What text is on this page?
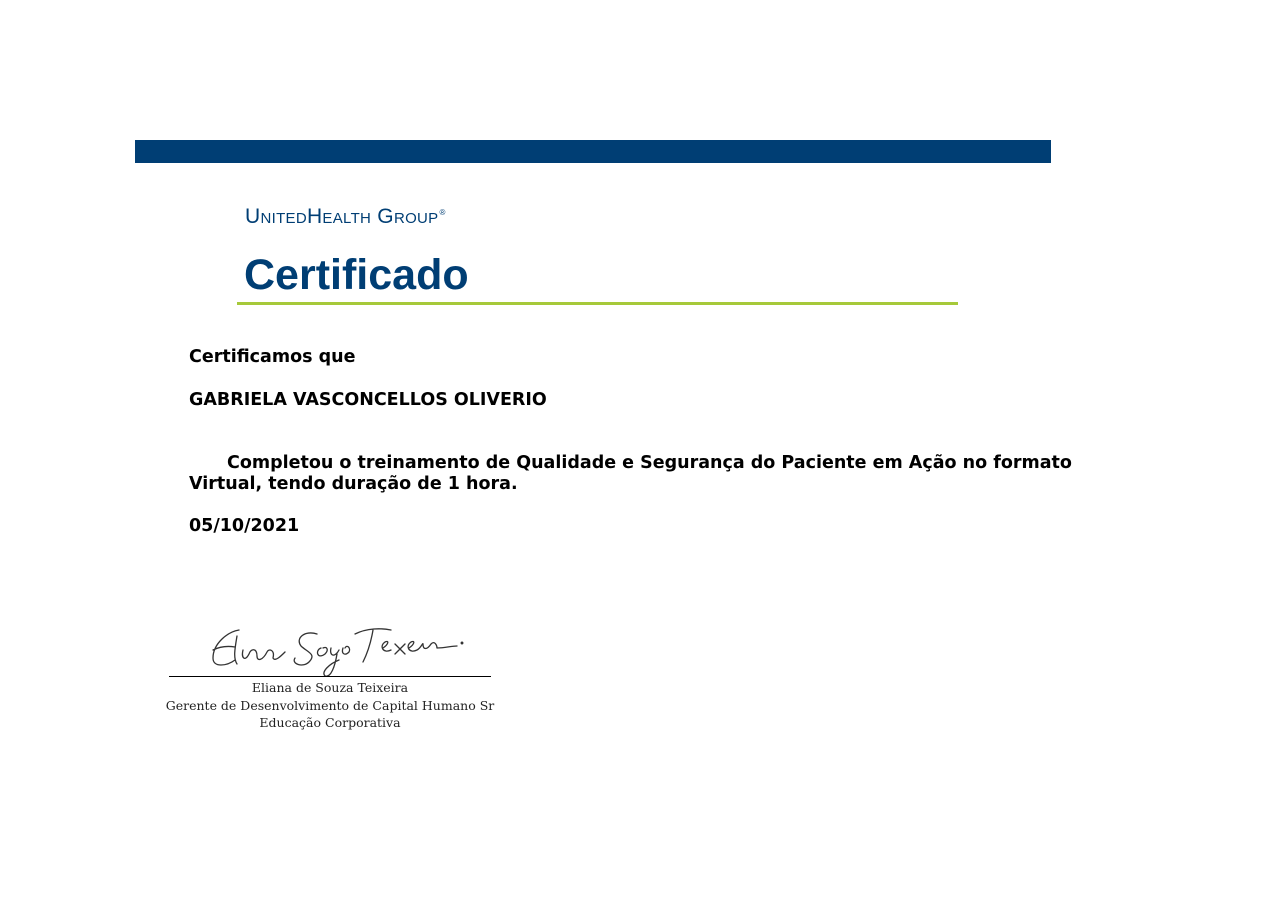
UnitedHealth Group®
Certificado
Certificamos que
GABRIELA VASCONCELLOS OLIVERIO
Completou o treinamento de Qualidade e Segurança do Paciente em Ação no formato Virtual, tendo duração de 1 hora.
05/10/2021
Eliana de Souza Teixeira
Gerente de Desenvolvimento de Capital Humano Sr
Educação Corporativa
